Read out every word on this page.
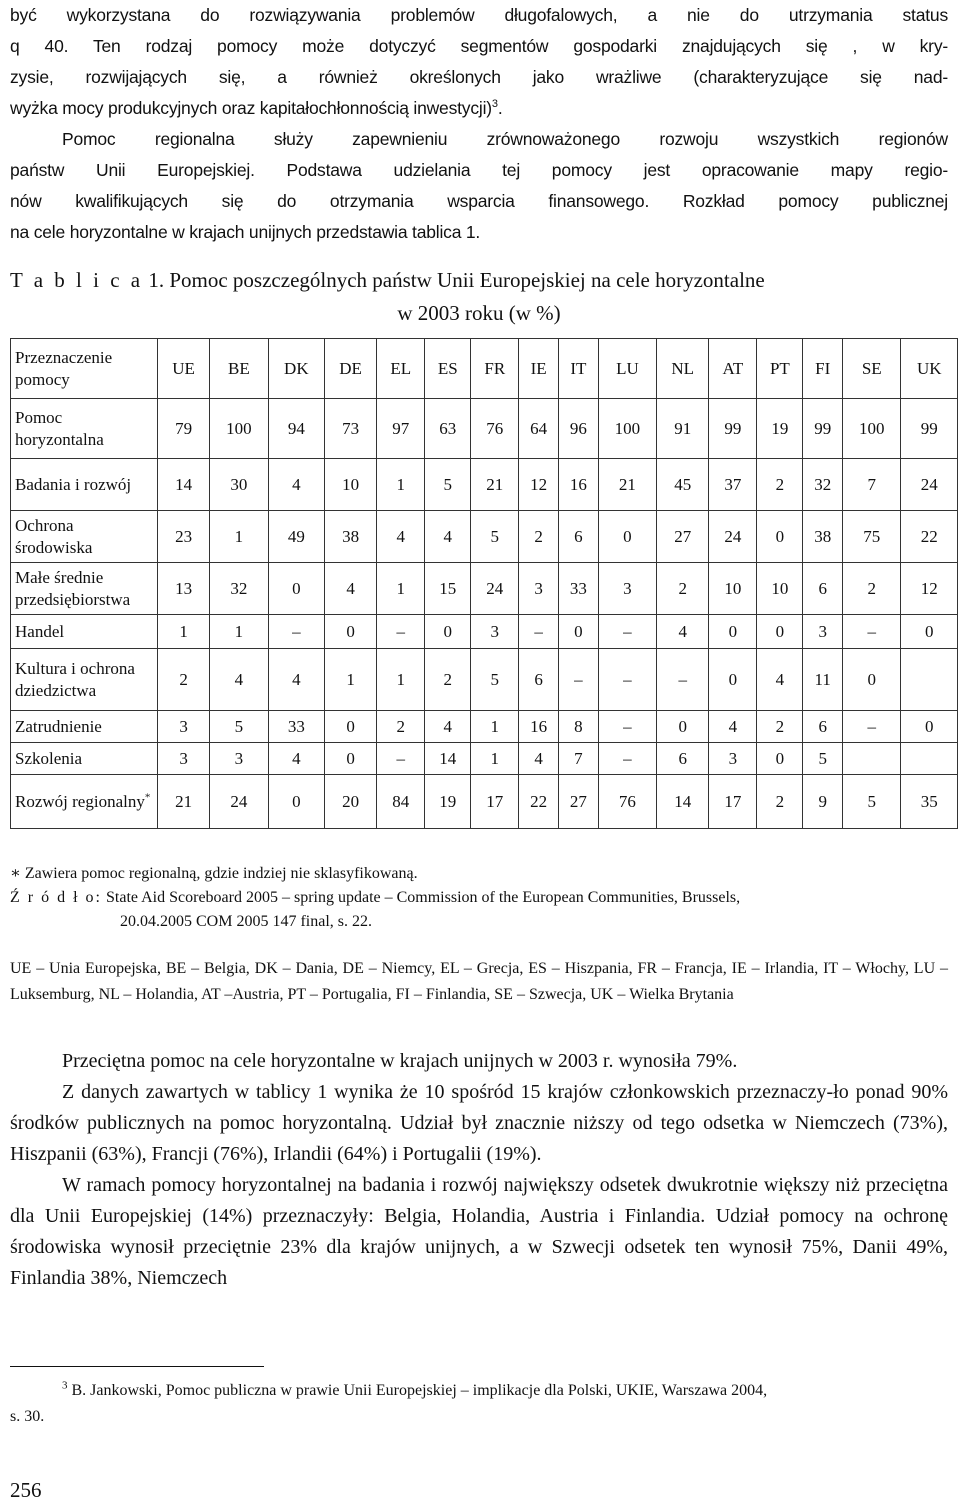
być wykorzystana do rozwiązywania problemów długofalowych, a nie do utrzymania status
q 40. Ten rodzaj pomocy może dotyczyć segmentów gospodarki znajdujących się , w kry-
zysie, rozwijających się, a również określonych jako wrażliwe (charakteryzujące się nad-
wyżka mocy produkcyjnych oraz kapitałochłonnością inwestycji)$^3$.
Pomoc regionalna służy zapewnieniu zrównoważonego rozwoju wszystkich regionów
państw Unii Europejskiej. Podstawa udzielania tej pomocy jest opracowanie mapy regio-
nów kwalifikujących się do otrzymania wsparcia finansowego. Rozkład pomocy publicznej
na cele horyzontalne w krajach unijnych przedstawia tablica 1.
T a b l i c a 1. Pomoc poszczególnych państw Unii Europejskiej na cele horyzontalne
w 2003 roku (w %)
Przeznaczenie pomocy	UE	BE	DK	DE	EL	ES	FR	IE	IT	LU	NL	AT	PT	FI	SE	UK
Pomoc horyzontalna	79	100	94	73	97	63	76	64	96	100	91	99	19	99	100	99
Badania i rozwój	14	30	4	10	1	5	21	12	16	21	45	37	2	32	7	24
Ochrona środowiska	23	1	49	38	4	4	5	2	6	0	27	24	0	38	75	22
Małe średnie przedsiębiorstwa	13	32	0	4	1	15	24	3	33	3	2	10	10	6	2	12
Handel	1	1	–	0	–	0	3	–	0	–	4	0	0	3	–	0
Kultura i ochrona dziedzictwa	2	4	4	1	1	2	5	6	–	–	–	0	4	11	0	
Zatrudnienie	3	5	33	0	2	4	1	16	8	–	0	4	2	6	–	0
Szkolenia	3	3	4	0	–	14	1	4	7	–	6	3	0	5		
Rozwój regionalny*	21	24	0	20	84	19	17	22	27	76	14	17	2	9	5	35
∗ Zawiera pomoc regionalną, gdzie indziej nie sklasyfikowaną.
Ź r ó d ł o: State Aid Scoreboard 2005 – spring update – Commission of the European Communities, Brussels,
20.04.2005 COM 2005 147 final, s. 22.
UE – Unia Europejska, BE – Belgia, DK – Dania, DE – Niemcy, EL – Grecja, ES – Hiszpania, FR – Francja, IE – Irlandia, IT – Włochy, LU – Luksemburg, NL – Holandia, AT –Austria, PT – Portugalia, FI – Finlandia, SE – Szwecja, UK – Wielka Brytania

Przeciętna pomoc na cele horyzontalne w krajach unijnych w 2003 r. wynosiła 79%.

Z danych zawartych w tablicy 1 wynika że 10 spośród 15 krajów członkowskich przeznaczy-ło ponad 90% środków publicznych na pomoc horyzontalną. Udział był znacznie niższy od tego odsetka w Niemczech (73%), Hiszpanii (63%), Francji (76%), Irlandii (64%) i Portugalii (19%).

W ramach pomocy horyzontalnej na badania i rozwój największy odsetek dwukrotnie większy niż przeciętna dla Unii Europejskiej (14%) przeznaczyły: Belgia, Holandia, Austria i Finlandia. Udział pomocy na ochronę środowiska wynosił przeciętnie 23% dla krajów unijnych, a w Szwecji odsetek ten wynosił 75%, Danii 49%, Finlandia 38%, Niemczech

$^3$ B. Jankowski, Pomoc publiczna w prawie Unii Europejskiej – implikacje dla Polski, UKIE, Warszawa 2004,
s. 30.
256
